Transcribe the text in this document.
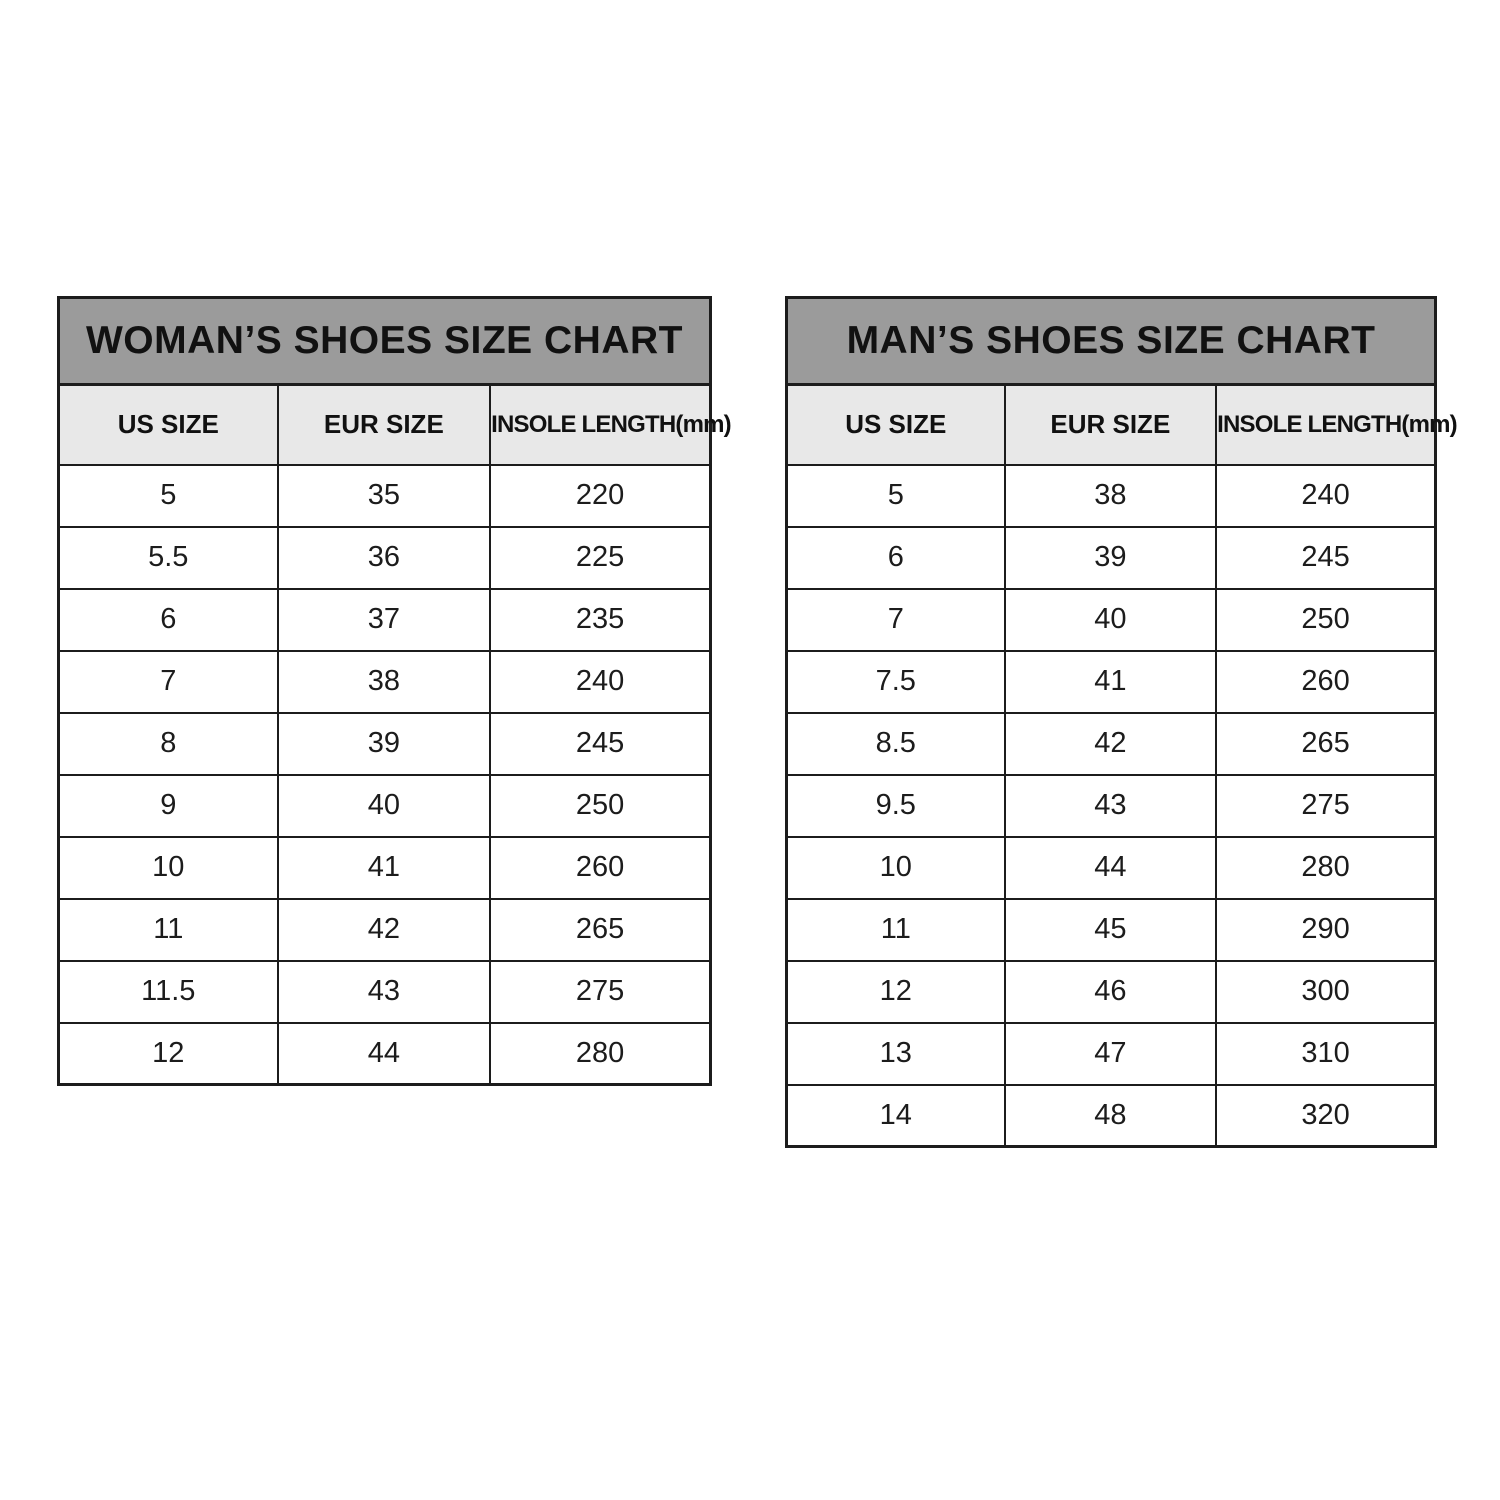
WOMAN’S SHOES SIZE CHART
US SIZE	EUR SIZE	INSOLE LENGTH(mm)
5	35	220
5.5	36	225
6	37	235
7	38	240
8	39	245
9	40	250
10	41	260
11	42	265
11.5	43	275
12	44	280
MAN’S SHOES SIZE CHART
US SIZE	EUR SIZE	INSOLE LENGTH(mm)
5	38	240
6	39	245
7	40	250
7.5	41	260
8.5	42	265
9.5	43	275
10	44	280
11	45	290
12	46	300
13	47	310
14	48	320
